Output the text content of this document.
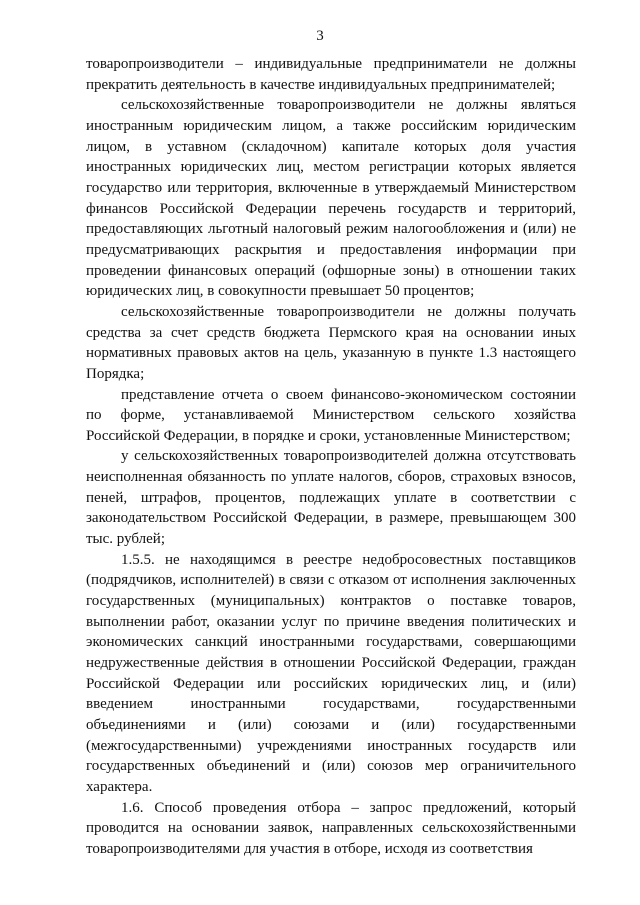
3

товаропроизводители – индивидуальные предприниматели не должны прекратить деятельность в качестве индивидуальных предпринимателей;

сельскохозяйственные товаропроизводители не должны являться иностранным юридическим лицом, а также российским юридическим лицом, в уставном (складочном) капитале которых доля участия иностранных юридических лиц, местом регистрации которых является государство или территория, включенные в утверждаемый Министерством финансов Российской Федерации перечень государств и территорий, предоставляющих льготный налоговый режим налогообложения и (или) не предусматривающих раскрытия и предоставления информации при проведении финансовых операций (офшорные зоны) в отношении таких юридических лиц, в совокупности превышает 50 процентов;

сельскохозяйственные товаропроизводители не должны получать средства за счет средств бюджета Пермского края на основании иных нормативных правовых актов на цель, указанную в пункте 1.3 настоящего Порядка;

представление отчета о своем финансово-экономическом состоянии по форме, устанавливаемой Министерством сельского хозяйства Российской Федерации, в порядке и сроки, установленные Министерством;

у сельскохозяйственных товаропроизводителей должна отсутствовать неисполненная обязанность по уплате налогов, сборов, страховых взносов, пеней, штрафов, процентов, подлежащих уплате в соответствии с законодательством Российской Федерации, в размере, превышающем 300 тыс. рублей;

1.5.5. не находящимся в реестре недобросовестных поставщиков (подрядчиков, исполнителей) в связи с отказом от исполнения заключенных государственных (муниципальных) контрактов о поставке товаров, выполнении работ, оказании услуг по причине введения политических и экономических санкций иностранными государствами, совершающими недружественные действия в отношении Российской Федерации, граждан Российской Федерации или российских юридических лиц, и (или) введением иностранными государствами, государственными объединениями и (или) союзами и (или) государственными (межгосударственными) учреждениями иностранных государств или государственных объединений и (или) союзов мер ограничительного характера.

1.6. Способ проведения отбора – запрос предложений, который проводится на основании заявок, направленных сельскохозяйственными товаропроизводителями для участия в отборе, исходя из соответствия
